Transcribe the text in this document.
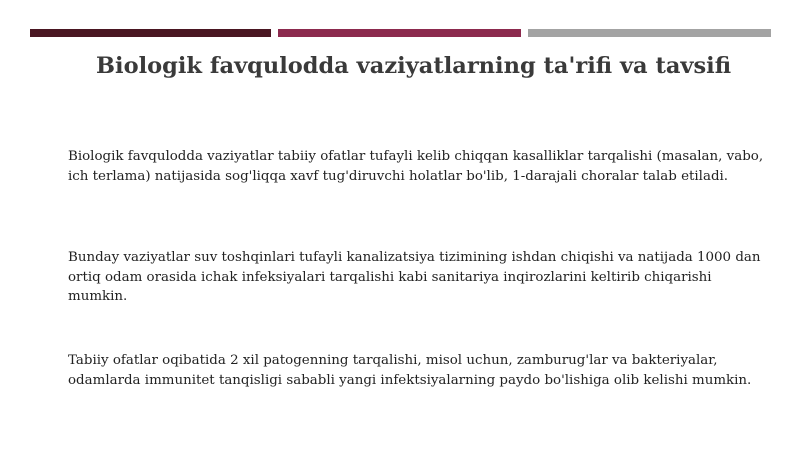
Biologik favqulodda vaziyatlarning ta'rifi va tavsifi
Biologik favqulodda vaziyatlar tabiiy ofatlar tufayli kelib chiqqan kasalliklar tarqalishi (masalan, vabo, ich terlama) natijasida sog'liqqa xavf tug'diruvchi holatlar bo'lib, 1-darajali choralar talab etiladi.
Bunday vaziyatlar suv toshqinlari tufayli kanalizatsiya tizimining ishdan chiqishi va natijada 1000 dan ortiq odam orasida ichak infeksiyalari tarqalishi kabi sanitariya inqirozlarini keltirib chiqarishi mumkin.
Tabiiy ofatlar oqibatida 2 xil patogenning tarqalishi, misol uchun, zamburug'lar va bakteriyalar, odamlarda immunitet tanqisligi sababli yangi infektsiyalarning paydo bo'lishiga olib kelishi mumkin.
